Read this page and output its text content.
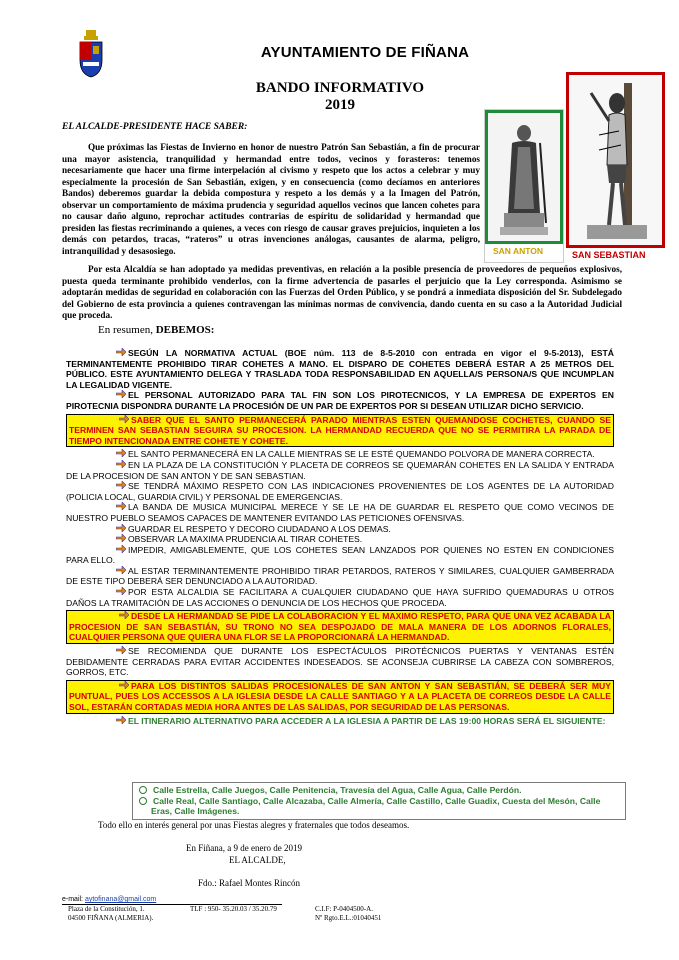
AYUNTAMIENTO DE FIÑANA
BANDO INFORMATIVO
2019
EL ALCALDE-PRESIDENTE HACE SABER:
Que próximas las Fiestas de Invierno en honor de nuestro Patrón San Sebastián, a fin de procurar una mayor asistencia, tranquilidad y hermandad entre todos, vecinos y forasteros: tenemos necesariamente que hacer una firme interpelación al civismo y respeto que los actos a celebrar y muy especialmente la procesión de San Sebastián, exigen, y en consecuencia (como decíamos en anteriores Bandos) deberemos guardar la debida compostura y respeto a los demás y a la Imagen del Patrón, observar un comportamiento de máxima prudencia y seguridad aquellos vecinos que lancen cohetes para no causar daño alguno, reprochar actitudes contrarias de espíritu de solidaridad y hermandad que presiden las fiestas recriminando a quienes, a veces con riesgo de causar graves prejuicios, inquieten a los demás con petardos, tracas, “rateros” u otras invenciones análogas, causantes de alarma, peligro, intranquilidad y desasosiego.	SAN ANTON	SAN SEBASTIAN
Por esta Alcaldía se han adoptado ya medidas preventivas, en relación a la posible presencia de proveedores de pequeños explosivos, puesta queda terminante prohibido venderlos, con la firme advertencia de pasarles el perjuicio que la Ley corresponda. Asimismo se adoptarán medidas de seguridad en colaboración con las Fuerzas del Orden Público, y se pondrá a inmediata disposición del Sr. Subdelegado del Gobierno de esta provincia a quienes contravengan las mínimas normas de convivencia, dando cuenta en su caso a la Autoridad Judicial que proceda.
En resumen, DEBEMOS:
SEGÚN LA NORMATIVA ACTUAL (BOE núm. 113 de 8-5-2010 con entrada en vigor el 9-5-2013), ESTÁ TERMINANTEMENTE PROHIBIDO TIRAR COHETES A MANO. EL DISPARO DE COHETES DEBERÁ ESTAR A 25 METROS DEL PÚBLICO. ESTE AYUNTAMIENTO DELEGA Y TRASLADA TODA RESPONSABILIDAD EN AQUELLA/S PERSONA/S QUE INCUMPLAN LA LEGALIDAD VIGENTE.
EL PERSONAL AUTORIZADO PARA TAL FIN SON LOS PIROTECNICOS, Y LA EMPRESA DE EXPERTOS EN PIROTECNIA DISPONDRA DURANTE LA PROCESIÓN DE UN PAR DE EXPERTOS POR SI DESEAN UTILIZAR DICHO SERVICIO.
SABER QUE EL SANTO PERMANECERÁ PARADO MIENTRAS ESTEN QUEMANDOSE COCHETES, CUANDO SE TERMINEN SAN SEBASTIAN SEGUIRA SU PROCESION. LA HERMANDAD RECUERDA QUE NO SE PERMITIRA LA PARADA DE TIEMPO INTENCIONADA ENTRE COHETE Y COHETE.
EL SANTO PERMANECERÁ EN LA CALLE MIENTRAS SE LE ESTÉ QUEMANDO POLVORA DE MANERA CORRECTA.
EN LA PLAZA DE LA CONSTITUCIÓN Y PLACETA DE CORREOS SE QUEMARÁN COHETES EN LA SALIDA Y ENTRADA DE LA PROCESION DE SAN ANTON Y DE SAN SEBASTIAN.
SE TENDRÁ MÁXIMO RESPETO CON LAS INDICACIONES PROVENIENTES DE LOS AGENTES DE LA AUTORIDAD (POLICIA LOCAL, GUARDIA CIVIL) Y PERSONAL DE EMERGENCIAS.
LA BANDA DE MUSICA MUNICIPAL MERECE Y SE LE HA DE GUARDAR EL RESPETO QUE COMO VECINOS DE NUESTRO PUEBLO SEAMOS CAPACES DE MANTENER EVITANDO LAS PETICIONES OFENSIVAS.
GUARDAR EL RESPETO Y DECORO CIUDADANO A LOS DEMAS.
OBSERVAR LA MAXIMA PRUDENCIA AL TIRAR COHETES.
IMPEDIR, AMIGABLEMENTE, QUE LOS COHETES SEAN LANZADOS POR QUIENES NO ESTEN EN CONDICIONES PARA ELLO.
AL ESTAR TERMINANTEMENTE PROHIBIDO TIRAR PETARDOS, RATEROS Y SIMILARES, CUALQUIER GAMBERRADA DE ESTE TIPO DEBERÁ SER DENUNCIADO A LA AUTORIDAD.
POR ESTA ALCALDIA SE FACILITARA A CUALQUIER CIUDADANO QUE HAYA SUFRIDO QUEMADURAS U OTROS DAÑOS LA TRAMITACIÓN DE LAS ACCIONES O DENUNCIA DE LOS HECHOS QUE PROCEDA.
DESDE LA HERMANDAD SE PIDE LA COLABORACION Y EL MAXIMO RESPETO, PARA QUE UNA VEZ ACABADA LA PROCESION DE SAN SEBASTIÁN, SU TRONO NO SEA DESPOJADO DE MALA MANERA DE LOS ADORNOS FLORALES, CUALQUIER PERSONA QUE QUIERA UNA FLOR SE LA PROPORCIONARÁ LA HERMANDAD.
SE RECOMIENDA QUE DURANTE LOS ESPECTÁCULOS PIROTÉCNICOS PUERTAS Y VENTANAS ESTÉN DEBIDAMENTE CERRADAS PARA EVITAR ACCIDENTES INDESEADOS. SE ACONSEJA CUBRIRSE LA CABEZA CON SOMBREROS, GORROS, ETC.
PARA LOS DISTINTOS SALIDAS PROCESIONALES DE SAN ANTON Y SAN SEBASTIÁN, SE DEBERÁ SER MUY PUNTUAL, PUES LOS ACCESSOS A LA IGLESIA DESDE LA CALLE SANTIAGO Y A LA PLACETA DE CORREOS DESDE LA CALLE SOL, ESTARÁN CORTADAS MEDIA HORA ANTES DE LAS SALIDAS, POR SEGURIDAD DE LAS PERSONAS.
EL ITINERARIO ALTERNATIVO PARA ACCEDER A LA IGLESIA A PARTIR DE LAS 19:00 HORAS SERÁ EL SIGUIENTE:
Calle Estrella, Calle Juegos, Calle Penitencia, Travesía del Agua, Calle Agua, Calle Perdón.
Calle Real, Calle Santiago, Calle Alcazaba, Calle Almería, Calle Castillo, Calle Guadix, Cuesta del Mesón, Calle Eras, Calle Imágenes.
Todo ello en interés general por unas Fiestas alegres y fraternales que todos deseamos.
En Fiñana, a 9 de enero de 2019
EL ALCALDE,
Fdo.: Rafael Montes Rincón
e-mail: aytofinana@gmail.com
Plaza de la Constitución, 1.
04500 FIÑANA (ALMERIA).
TLF : 950- 35.20.03 / 35.20.79	C.I.F: P-0404500-A.
Nº Rgto.E.L.:01040451
